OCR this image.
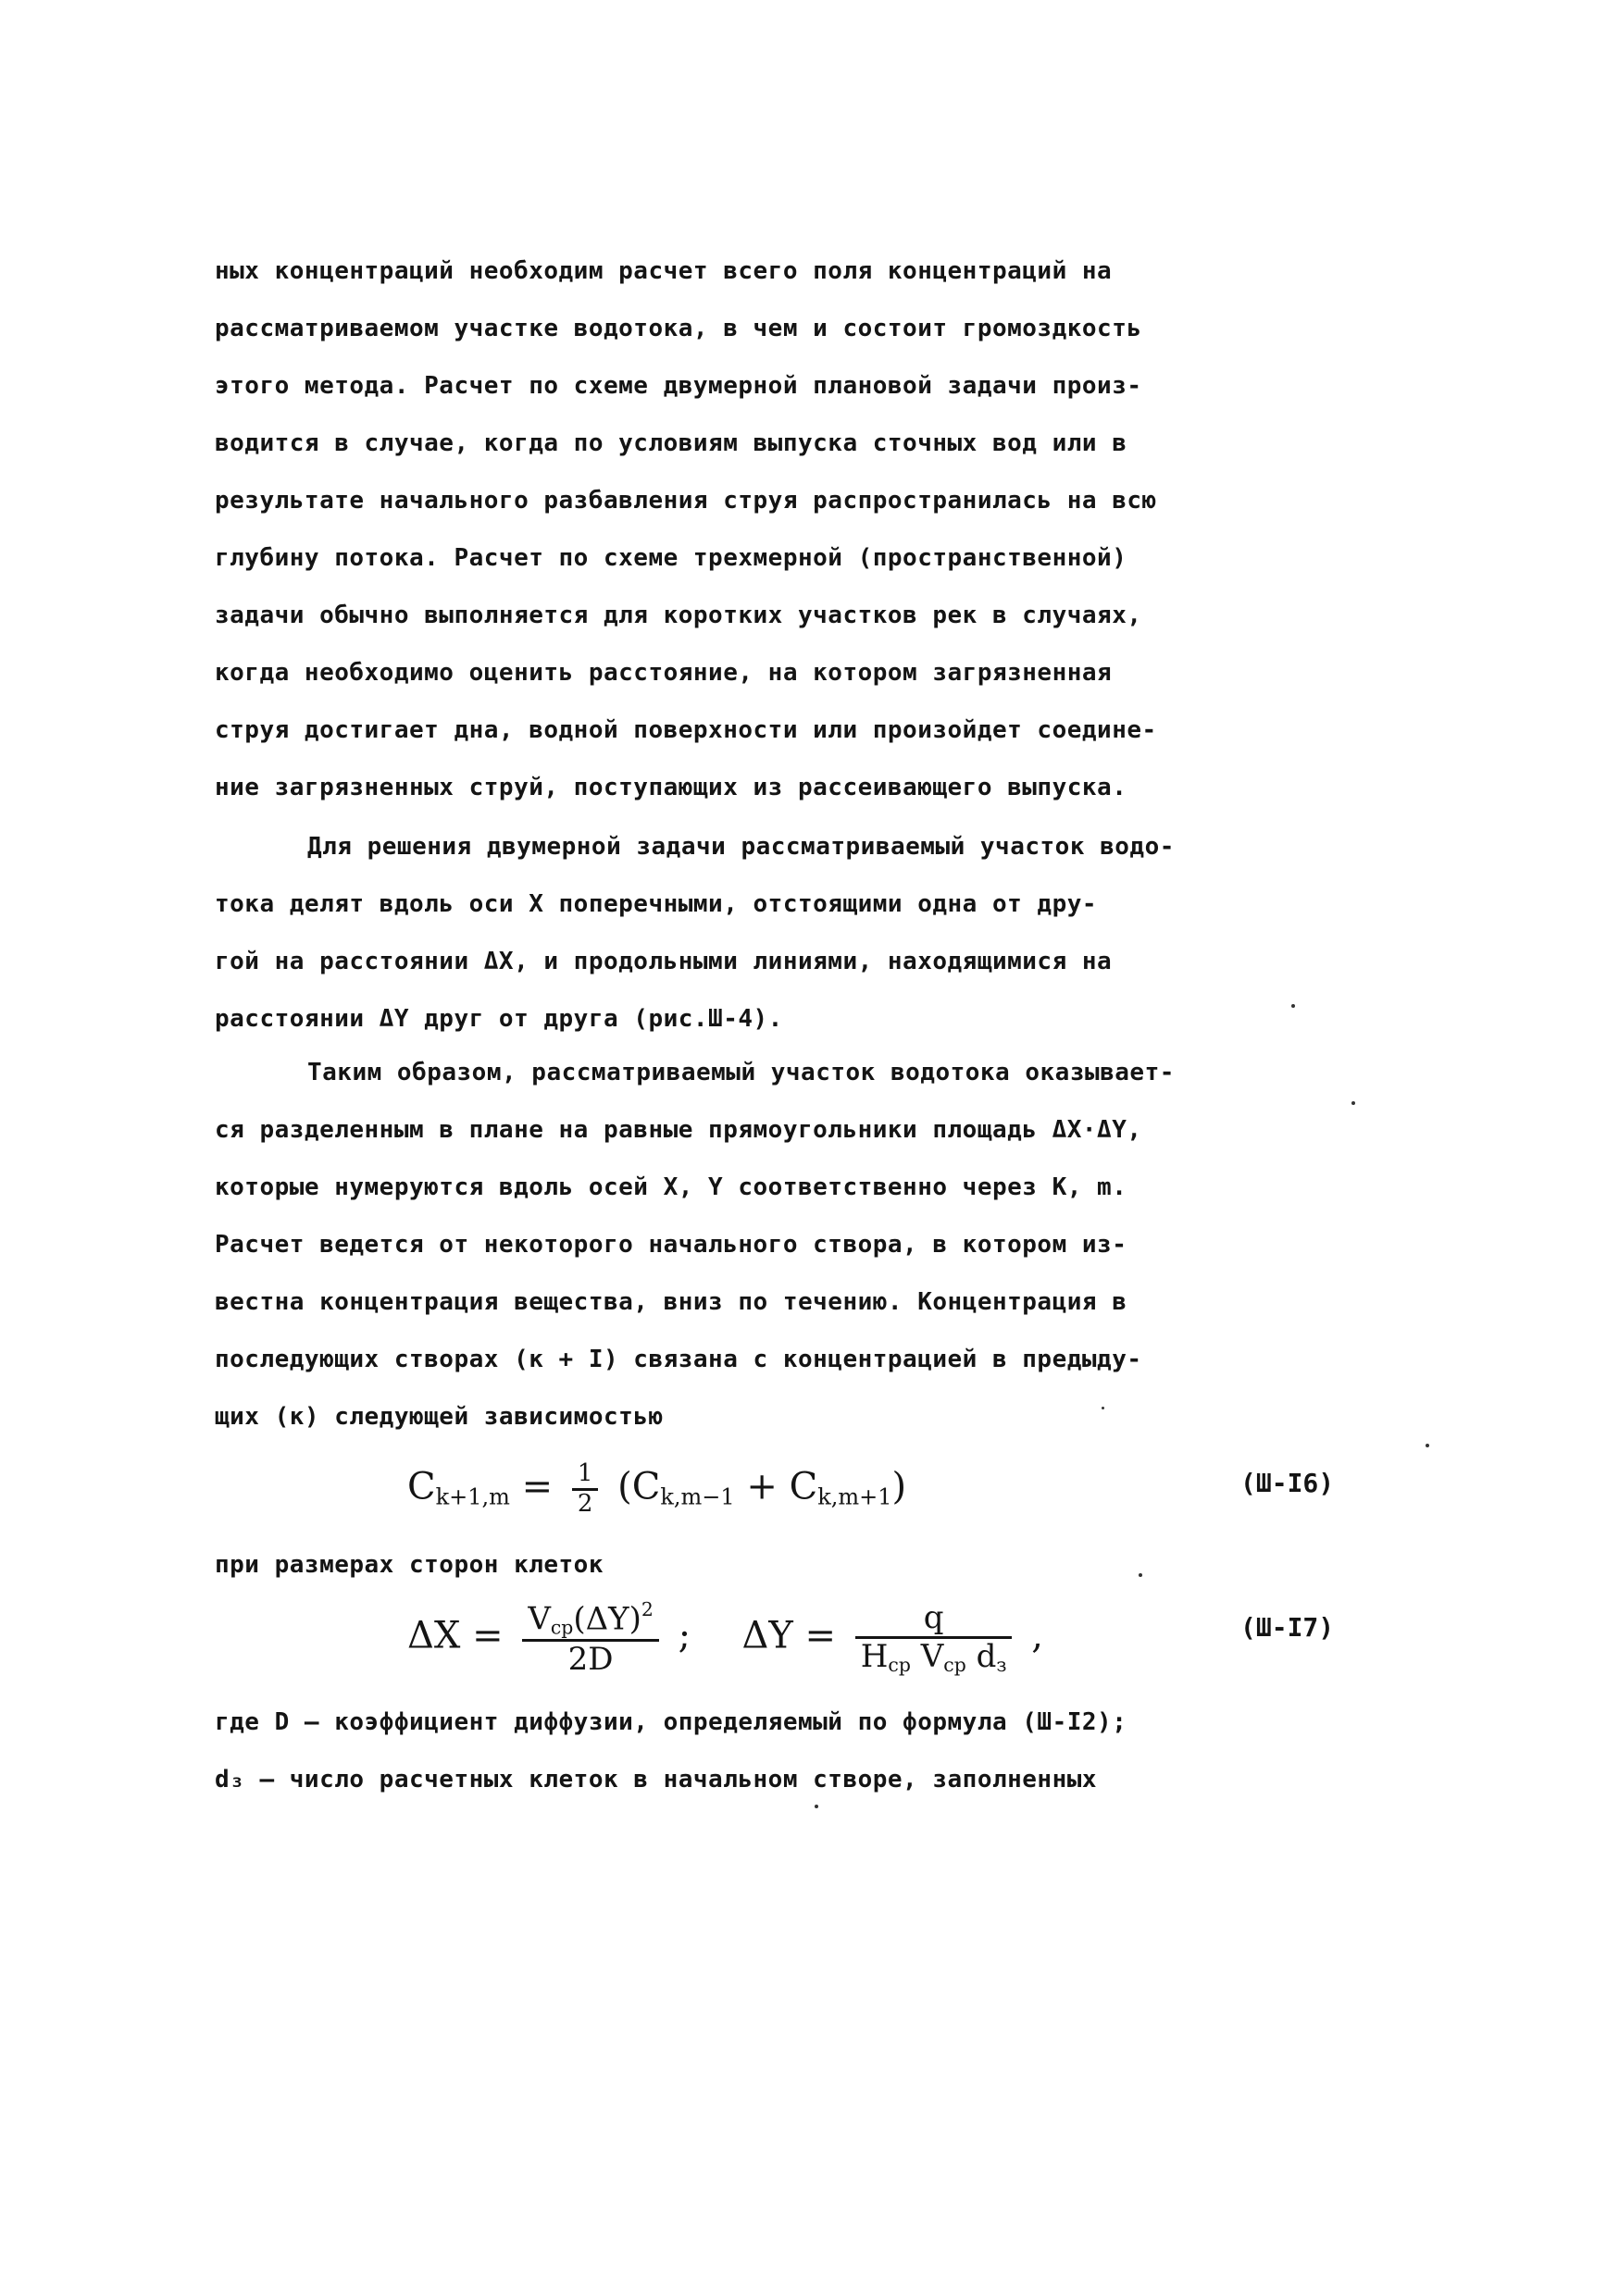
ных концентраций необходим расчет всего поля концентраций на
рассматриваемом участке водотока, в чем и состоит громоздкость
этого метода. Расчет по схеме двумерной плановой задачи произ-
водится в случае, когда по условиям выпуска сточных вод или в
результате начального разбавления струя распространилась на всю
глубину потока. Расчет по схеме трехмерной (пространственной)
задачи обычно выполняется для коротких участков рек в случаях,
когда необходимо оценить расстояние, на котором загрязненная
струя достигает дна, водной поверхности или произойдет соедине-
ние загрязненных струй, поступающих из рассеивающего выпуска.
Для решения двумерной задачи рассматриваемый участок водо-
тока делят вдоль оси X поперечными, отстоящими одна от дру-
гой на расстоянии ΔX, и продольными линиями, находящимися на
расстоянии ΔY друг от друга (рис.Ш-4).
Таким образом, рассматриваемый участок водотока оказывает-
ся разделенным в плане на равные прямоугольники площадь ΔX·ΔY,
которые нумеруются вдоль осей X, Y соответственно через K, m.
Расчет ведется от некоторого начального створа, в котором из-
вестна концентрация вещества, вниз по течению. Концентрация в
последующих створах (к + I) связана с концентрацией в предыду-
щих (к) следующей зависимостью
$C_{k+1,m} = \frac{1}{2} (C_{k,m-1} + C_{k,m+1})$	(Ш-I6)
при размерах сторон клеток
$\Delta X = \frac{V_{ср}(\Delta Y)^2}{2D}$ ; $\Delta Y = \frac{q}{H_{ср} V_{ср} d_з}$ ,	(Ш-I7)
где D – коэффициент диффузии, определяемый по формула (Ш-I2);
d₃ – число расчетных клеток в начальном створе, заполненных
